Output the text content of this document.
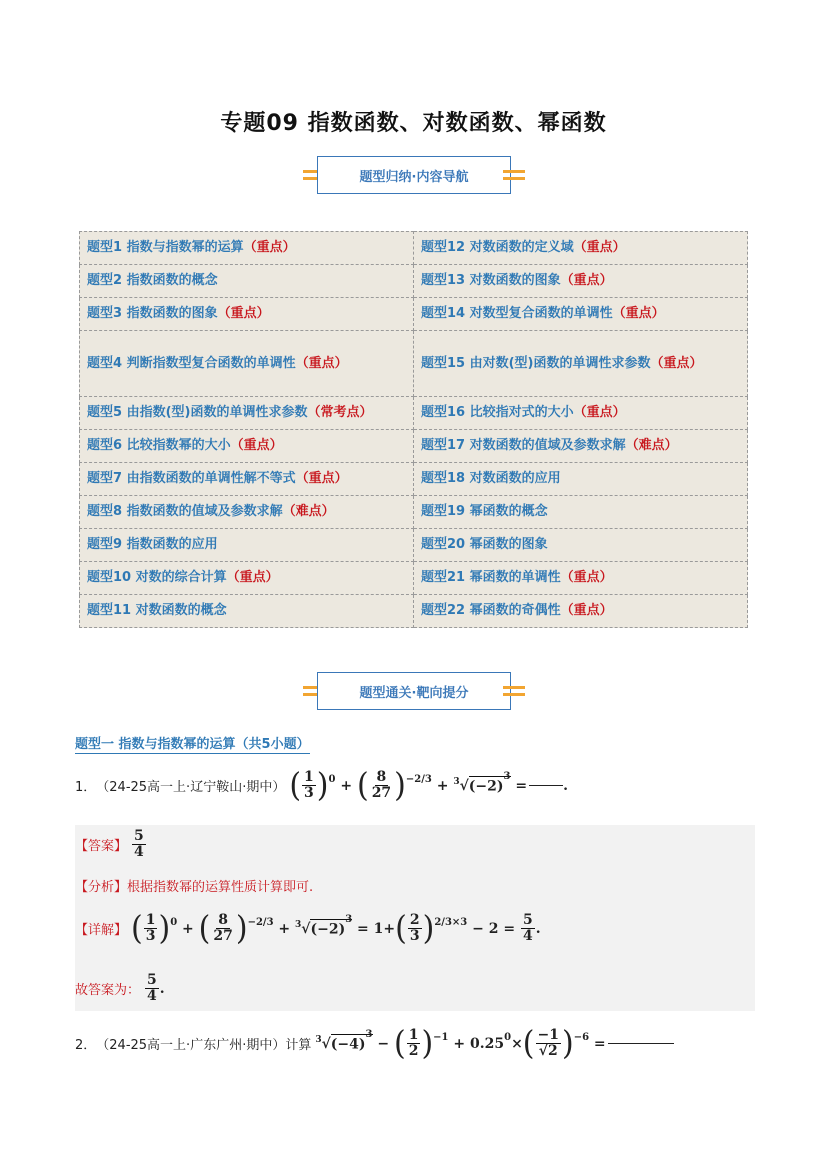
专题09 指数函数、对数函数、幂函数
题型归纳·内容导航
题型1 指数与指数幂的运算（重点）	题型12 对数函数的定义域（重点）
题型2 指数函数的概念	题型13 对数函数的图象（重点）
题型3 指数函数的图象（重点）	题型14 对数型复合函数的单调性（重点）
题型4 判断指数型复合函数的单调性（重点）	题型15 由对数(型)函数的单调性求参数（重点）
题型5 由指数(型)函数的单调性求参数（常考点）	题型16 比较指对式的大小（重点）
题型6 比较指数幂的大小（重点）	题型17 对数函数的值域及参数求解（难点）
题型7 由指数函数的单调性解不等式（重点）	题型18 对数函数的应用
题型8 指数函数的值域及参数求解（难点）	题型19 幂函数的概念
题型9 指数函数的应用	题型20 幂函数的图象
题型10 对数的综合计算（重点）	题型21 幂函数的单调性（重点）
题型11 对数函数的概念	题型22 幂函数的奇偶性（重点）
题型通关·靶向提分
题型一 指数与指数幂的运算（共5小题）
1． （24-25高一上·辽宁鞍山·期中） ( $\frac{1}{3} )^0$ + ( $\frac{8}{27} )^{-2/3} + ^3$ √ $(-2)^3$
=	.
【答案】 $\frac{5}{4}$
【分析】 根据指数幂的运算性质计算即可.
【详解】 ( $\frac{1}{3} )^0$ + ( $\frac{8}{27} )^{-2/3} + ^3$ √ $(-2)^3$
= 1+ ( $\frac{2}{3} )^{2/3\times 3} - 2 = \frac{5}{4}$ .
故答案为： $\frac{5}{4}$ .
2． （24-25高一上·广东广州·期中）计算 $^3$ √ $(-4)^3$
− ( $\frac{1}{2} )^{-1} + 0.25^0$ × ( $\frac{-1}{√2} )^{-6}$ =
